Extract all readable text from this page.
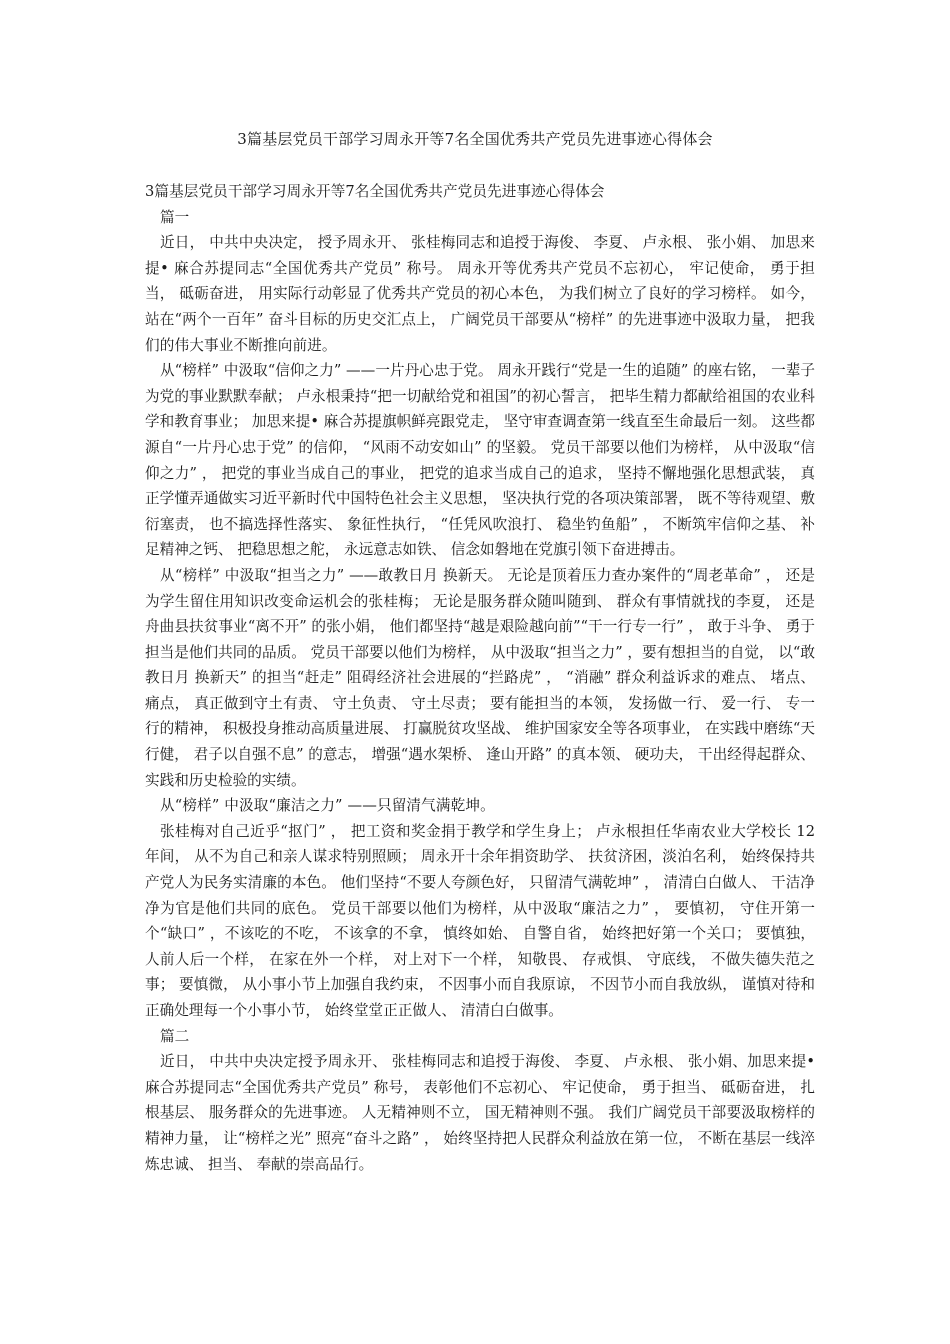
3篇基层党员干部学习周永开等7名全国优秀共产党员先进事迹心得体会

3篇基层党员干部学习周永开等7名全国优秀共产党员先进事迹心得体会

篇一

近日， 中共中央决定， 授予周永开、 张桂梅同志和追授于海俊、 李夏、 卢永根、 张小娟、 加思来提• 麻合苏提同志“全国优秀共产党员” 称号。 周永开等优秀共产党员不忘初心， 牢记使命， 勇于担当， 砥砺奋进， 用实际行动彰显了优秀共产党员的初心本色， 为我们树立了良好的学习榜样。 如今， 站在“两个一百年” 奋斗目标的历史交汇点上， 广阔党员干部要从“榜样” 的先进事迹中汲取力量， 把我们的伟大事业不断推向前进。

从“榜样” 中汲取“信仰之力” ——一片丹心忠于党。 周永开践行“党是一生的追随” 的座右铭， 一辈子为党的事业默默奉献； 卢永根秉持“把一切献给党和祖国”的初心誓言， 把毕生精力都献给祖国的农业科学和教育事业； 加思来提• 麻合苏提旗帜鲜亮跟党走， 坚守审查调查第一线直至生命最后一刻。 这些都源自“一片丹心忠于党” 的信仰， “风雨不动安如山” 的坚毅。 党员干部要以他们为榜样， 从中汲取“信仰之力” ， 把党的事业当成自己的事业， 把党的追求当成自己的追求， 坚持不懈地强化思想武装， 真正学懂弄通做实习近平新时代中国特色社会主义思想， 坚决执行党的各项决策部署， 既不等待观望、敷衍塞责， 也不搞选择性落实、 象征性执行， “任凭风吹浪打、 稳坐钓鱼船” ， 不断筑牢信仰之基、 补足精神之钙、 把稳思想之舵， 永远意志如铁、 信念如磐地在党旗引领下奋进搏击。

从“榜样” 中汲取“担当之力” ——敢教日月 换新天。 无论是顶着压力查办案件的“周老革命” ， 还是为学生留住用知识改变命运机会的张桂梅； 无论是服务群众随叫随到、 群众有事情就找的李夏， 还是舟曲县扶贫事业“离不开” 的张小娟， 他们都坚持“越是艰险越向前”“干一行专一行” ， 敢于斗争、 勇于担当是他们共同的品质。 党员干部要以他们为榜样， 从中汲取“担当之力” ，要有想担当的自觉， 以“敢教日月 换新天” 的担当“赶走” 阻碍经济社会进展的“拦路虎” ， “消融” 群众利益诉求的难点、 堵点、 痛点， 真正做到守土有责、 守土负责、 守土尽责； 要有能担当的本领， 发扬做一行、 爱一行、 专一行的精神， 积极投身推动高质量进展、 打赢脱贫攻坚战、 维护国家安全等各项事业， 在实践中磨练“天行健， 君子以自强不息” 的意志， 增强“遇水架桥、 逢山开路” 的真本领、 硬功夫， 干出经得起群众、 实践和历史检验的实绩。

从“榜样” 中汲取“廉洁之力” ——只留清气满乾坤。

张桂梅对自己近乎“抠门” ， 把工资和奖金捐于教学和学生身上； 卢永根担任华南农业大学校长 12 年间， 从不为自己和亲人谋求特别照顾； 周永开十余年捐资助学、 扶贫济困，淡泊名利， 始终保持共产党人为民务实清廉的本色。 他们坚持“不要人夸颜色好， 只留清气满乾坤” ， 清清白白做人、 干洁净净为官是他们共同的底色。 党员干部要以他们为榜样，从中汲取“廉洁之力” ， 要慎初， 守住开第一个“缺口” ，不该吃的不吃， 不该拿的不拿， 慎终如始、 自警自省， 始终把好第一个关口； 要慎独， 人前人后一个样， 在家在外一个样， 对上对下一个样， 知敬畏、 存戒惧、 守底线， 不做失德失范之事； 要慎微， 从小事小节上加强自我约束， 不因事小而自我原谅， 不因节小而自我放纵， 谨慎对待和正确处理每一个小事小节， 始终堂堂正正做人、 清清白白做事。

篇二

近日， 中共中央决定授予周永开、 张桂梅同志和追授于海俊、 李夏、 卢永根、 张小娟、加思来提• 麻合苏提同志“全国优秀共产党员” 称号， 表彰他们不忘初心、 牢记使命， 勇于担当、 砥砺奋进， 扎根基层、 服务群众的先进事迹。 人无精神则不立， 国无精神则不强。 我们广阔党员干部要汲取榜样的精神力量， 让“榜样之光” 照亮“奋斗之路” ， 始终坚持把人民群众利益放在第一位， 不断在基层一线淬炼忠诚、 担当、 奉献的崇高品行。
